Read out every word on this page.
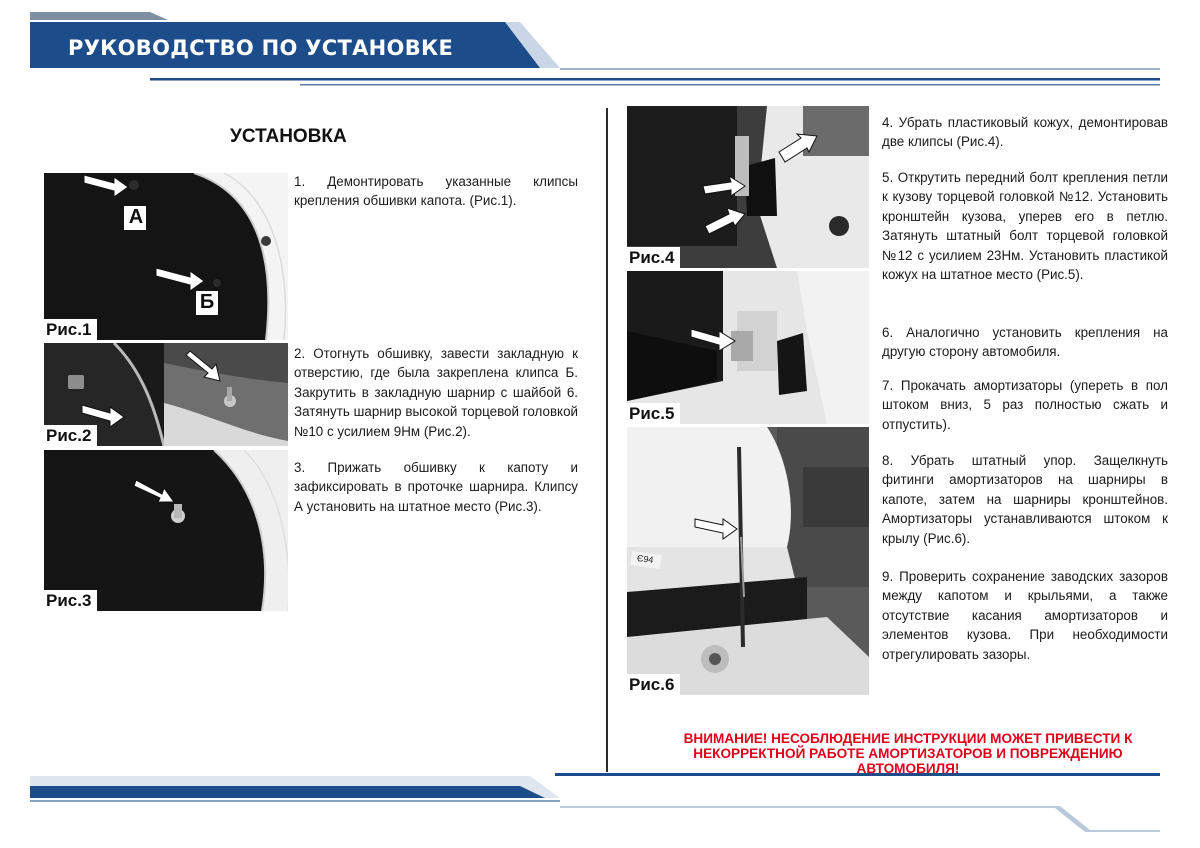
РУКОВОДСТВО ПО УСТАНОВКЕ
УСТАНОВКА
А
Б
Рис.1
Рис.2
Рис.3
Рис.4
Рис.5
Є94
Рис.6
1. Демонтировать указанные клипсы крепления обшивки капота. (Рис.1).
2. Отогнуть обшивку, завести закладную к отверстию, где была закреплена клипса Б. Закрутить в закладную шарнир с шайбой 6. Затянуть шарнир высокой торцевой головкой №10 с усилием 9Нм (Рис.2).
3. Прижать обшивку к капоту и зафиксировать в проточке шарнира. Клипсу А установить на штатное место (Рис.3).
4. Убрать пластиковый кожух, демонтировав две клипсы (Рис.4).
5. Открутить передний болт крепления петли к кузову торцевой головкой №12. Установить кронштейн кузова, уперев его в петлю. Затянуть штатный болт торцевой головкой №12 с усилием 23Нм. Установить пластикой кожух на штатное место (Рис.5).
6. Аналогично установить крепления на другую сторону автомобиля.
7. Прокачать амортизаторы (упереть в пол штоком вниз, 5 раз полностью сжать и отпустить).
8. Убрать штатный упор. Защелкнуть фитинги амортизаторов на шарниры в капоте, затем на шарниры кронштейнов. Амортизаторы устанавливаются штоком к крылу (Рис.6).
9. Проверить сохранение заводских зазоров между капотом и крыльями, а также отсутствие касания амортизаторов и элементов кузова. При необходимости отрегулировать зазоры.
ВНИМАНИЕ! НЕСОБЛЮДЕНИЕ ИНСТРУКЦИИ МОЖЕТ ПРИВЕСТИ К НЕКОРРЕКТНОЙ РАБОТЕ АМОРТИЗАТОРОВ И ПОВРЕЖДЕНИЮ АВТОМОБИЛЯ!
